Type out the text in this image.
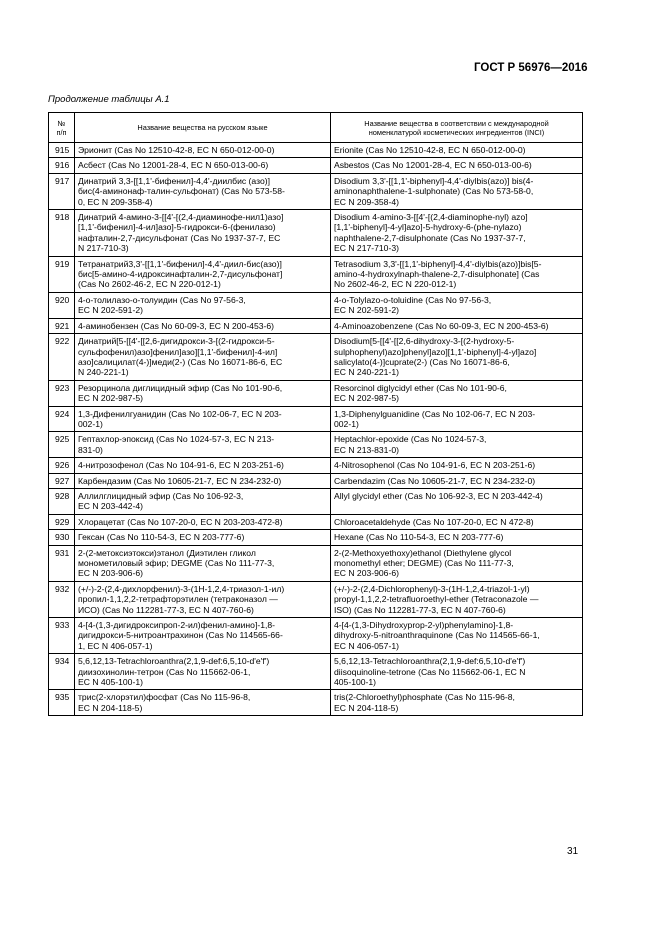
ГОСТ Р 56976—2016
Продолжение таблицы А.1
№
п/п	Название вещества на русском языке	Название вещества в соответствии с международной
номенклатурой косметических ингредиентов (INCI)
915	Эрионит (Cas No 12510-42-8, ЕС N 650-012-00-0)	Erionite (Cas No 12510-42-8, EC N 650-012-00-0)
916	Асбест (Cas No 12001-28-4, ЕС N 650-013-00-6)	Asbestos (Cas No 12001-28-4, EC N 650-013-00-6)
917	Динатрий 3,3-[[1,1'-бифенил]-4,4'-диилбис (азо)]
бис(4-аминонаф-талин-сульфонат) (Cas No 573-58-
0, ЕС N 209-358-4)	Disodium 3,3'-[[1,1'-biphenyl]-4,4'-diylbis(azo)] bis(4-
aminonaphthalene-1-sulphonate) (Cas No 573-58-0,
EC N 209-358-4)
918	Динатрий 4-амино-3-[[4'-[(2,4-диаминофе-нил1)азо]
[1,1'-бифенил]-4-ил]азо]-5-гидрокси-6-(фенилазо)
нафталин-2,7-дисульфонат (Cas No 1937-37-7, ЕС
N 217-710-3)	Disodium 4-amino-3-[[4'-[(2,4-diaminophe-nyl) azo]
[1,1'-biphenyl]-4-yl]azo]-5-hydroxy-6-(phe-nylazo)
naphthalene-2,7-disulphonate (Cas No 1937-37-7,
EC N 217-710-3)
919	Тетранатрий3,3'-[[1,1'-бифенил]-4,4'-диил-бис(азо)]
бис[5-амино-4-идроксинафталин-2,7-дисульфонат]
(Cas No 2602-46-2, ЕС N 220-012-1)	Tetrasodium 3,3'-[[1,1'-biphenyl]-4,4'-diylbis(azo)]bis[5-
amino-4-hydroxylnaph-thalene-2,7-disulphonate] (Cas
No 2602-46-2, EC N 220-012-1)
920	4-о-толилазо-о-толуидин (Cas No 97-56-3,
ЕС N 202-591-2)	4-o-Tolylazo-o-toluidine (Cas No 97-56-3,
EC N 202-591-2)
921	4-аминобензен (Cas No 60-09-3, ЕС N 200-453-6)	4-Aminoazobenzene (Cas No 60-09-3, EC N 200-453-6)
922	Динатрий[5-[[4'-[[2,6-дигидрокси-3-[(2-гидрокси-5-
сульфофенил)азо]фенил]азо][1,1'-бифенил]-4-ил]
азо]салицилат(4-)]меди(2-) (Cas No 16071-86-6, ЕС
N 240-221-1)	Disodium[5-[[4'-[[2,6-dihydroxy-3-[(2-hydroxy-5-
sulphophenyl)azo]phenyl]azo][1,1'-biphenyl]-4-yl]azo]
salicylato(4-)]cuprate(2-) (Cas No 16071-86-6,
EC N 240-221-1)
923	Резорцинола диглицидный эфир (Cas No 101-90-6,
ЕС N 202-987-5)	Resorcinol diglycidyl ether (Cas No 101-90-6,
EC N 202-987-5)
924	1,3-Дифенилгуанидин (Cas No 102-06-7, ЕС N 203-
002-1)	1,3-Diphenylguanidine (Cas No 102-06-7, EC N 203-
002-1)
925	Гептахлор-эпоксид (Cas No 1024-57-3, ЕС N 213-
831-0)	Heptachlor-epoxide (Cas No 1024-57-3,
EC N 213-831-0)
926	4-нитрозофенол (Cas No 104-91-6, ЕС N 203-251-6)	4-Nitrosophenol (Cas No 104-91-6, EC N 203-251-6)
927	Карбендазим (Cas No 10605-21-7, ЕС N 234-232-0)	Carbendazim (Cas No 10605-21-7, EC N 234-232-0)
928	Аллилглицидный эфир (Cas No 106-92-3,
ЕС N 203-442-4)	Allyl glycidyl ether (Cas No 106-92-3, EC N 203-442-4)
929	Хлорацетат (Cas No 107-20-0, ЕС N 203-203-472-8)	Chloroacetaldehyde (Cas No 107-20-0, EC N 472-8)
930	Гексан (Cas No 110-54-3, ЕС N 203-777-6)	Hexane (Cas No 110-54-3, EC N 203-777-6)
931	2-(2-метоксиэтокси)этанол (Диэтилен гликол
монометиловый эфир; DEGME (Cas No 111-77-3,
ЕС N 203-906-6)	2-(2-Methoxyethoxy)ethanol (Diethylene glycol
monomethyl ether; DEGME) (Cas No 111-77-3,
EC N 203-906-6)
932	(+/-)-2-(2,4-дихлорфенил)-3-(1Н-1,2,4-триазол-1-ил)
пропил-1,1,2,2-тетрафторэтилен (тетраконазол —
ИСО) (Cas No 112281-77-3, ЕС N 407-760-6)	(+/-)-2-(2,4-Dichlorophenyl)-3-(1H-1,2,4-triazol-1-yl)
propyl-1,1,2,2-tetrafluoroethyl-ether (Tetraconazole —
ISO) (Cas No 112281-77-3, EC N 407-760-6)
933	4-[4-(1,3-дигидроксипроп-2-ил)фенил-амино]-1,8-
дигидрокси-5-нитроантрахинон (Cas No 114565-66-
1, ЕС N 406-057-1)	4-[4-(1,3-Dihydroxyprop-2-yl)phenylamino]-1,8-
dihydroxy-5-nitroanthraquinone (Cas No 114565-66-1,
EC N 406-057-1)
934	5,6,12,13-Tetrachloroanthra(2,1,9-def:6,5,10-d'e'f')
диизохинолин-тетрон (Cas No 115662-06-1,
ЕС N 405-100-1)	5,6,12,13-Tetrachloroanthra(2,1,9-def:6,5,10-d'e'f')
diisoquinoline-tetrone (Cas No 115662-06-1, EC N
405-100-1)
935	трис(2-хлорэтил)фосфат (Cas No 115-96-8,
ЕС N 204-118-5)	tris(2-Chloroethyl)phosphate (Cas No 115-96-8,
EC N 204-118-5)
31
